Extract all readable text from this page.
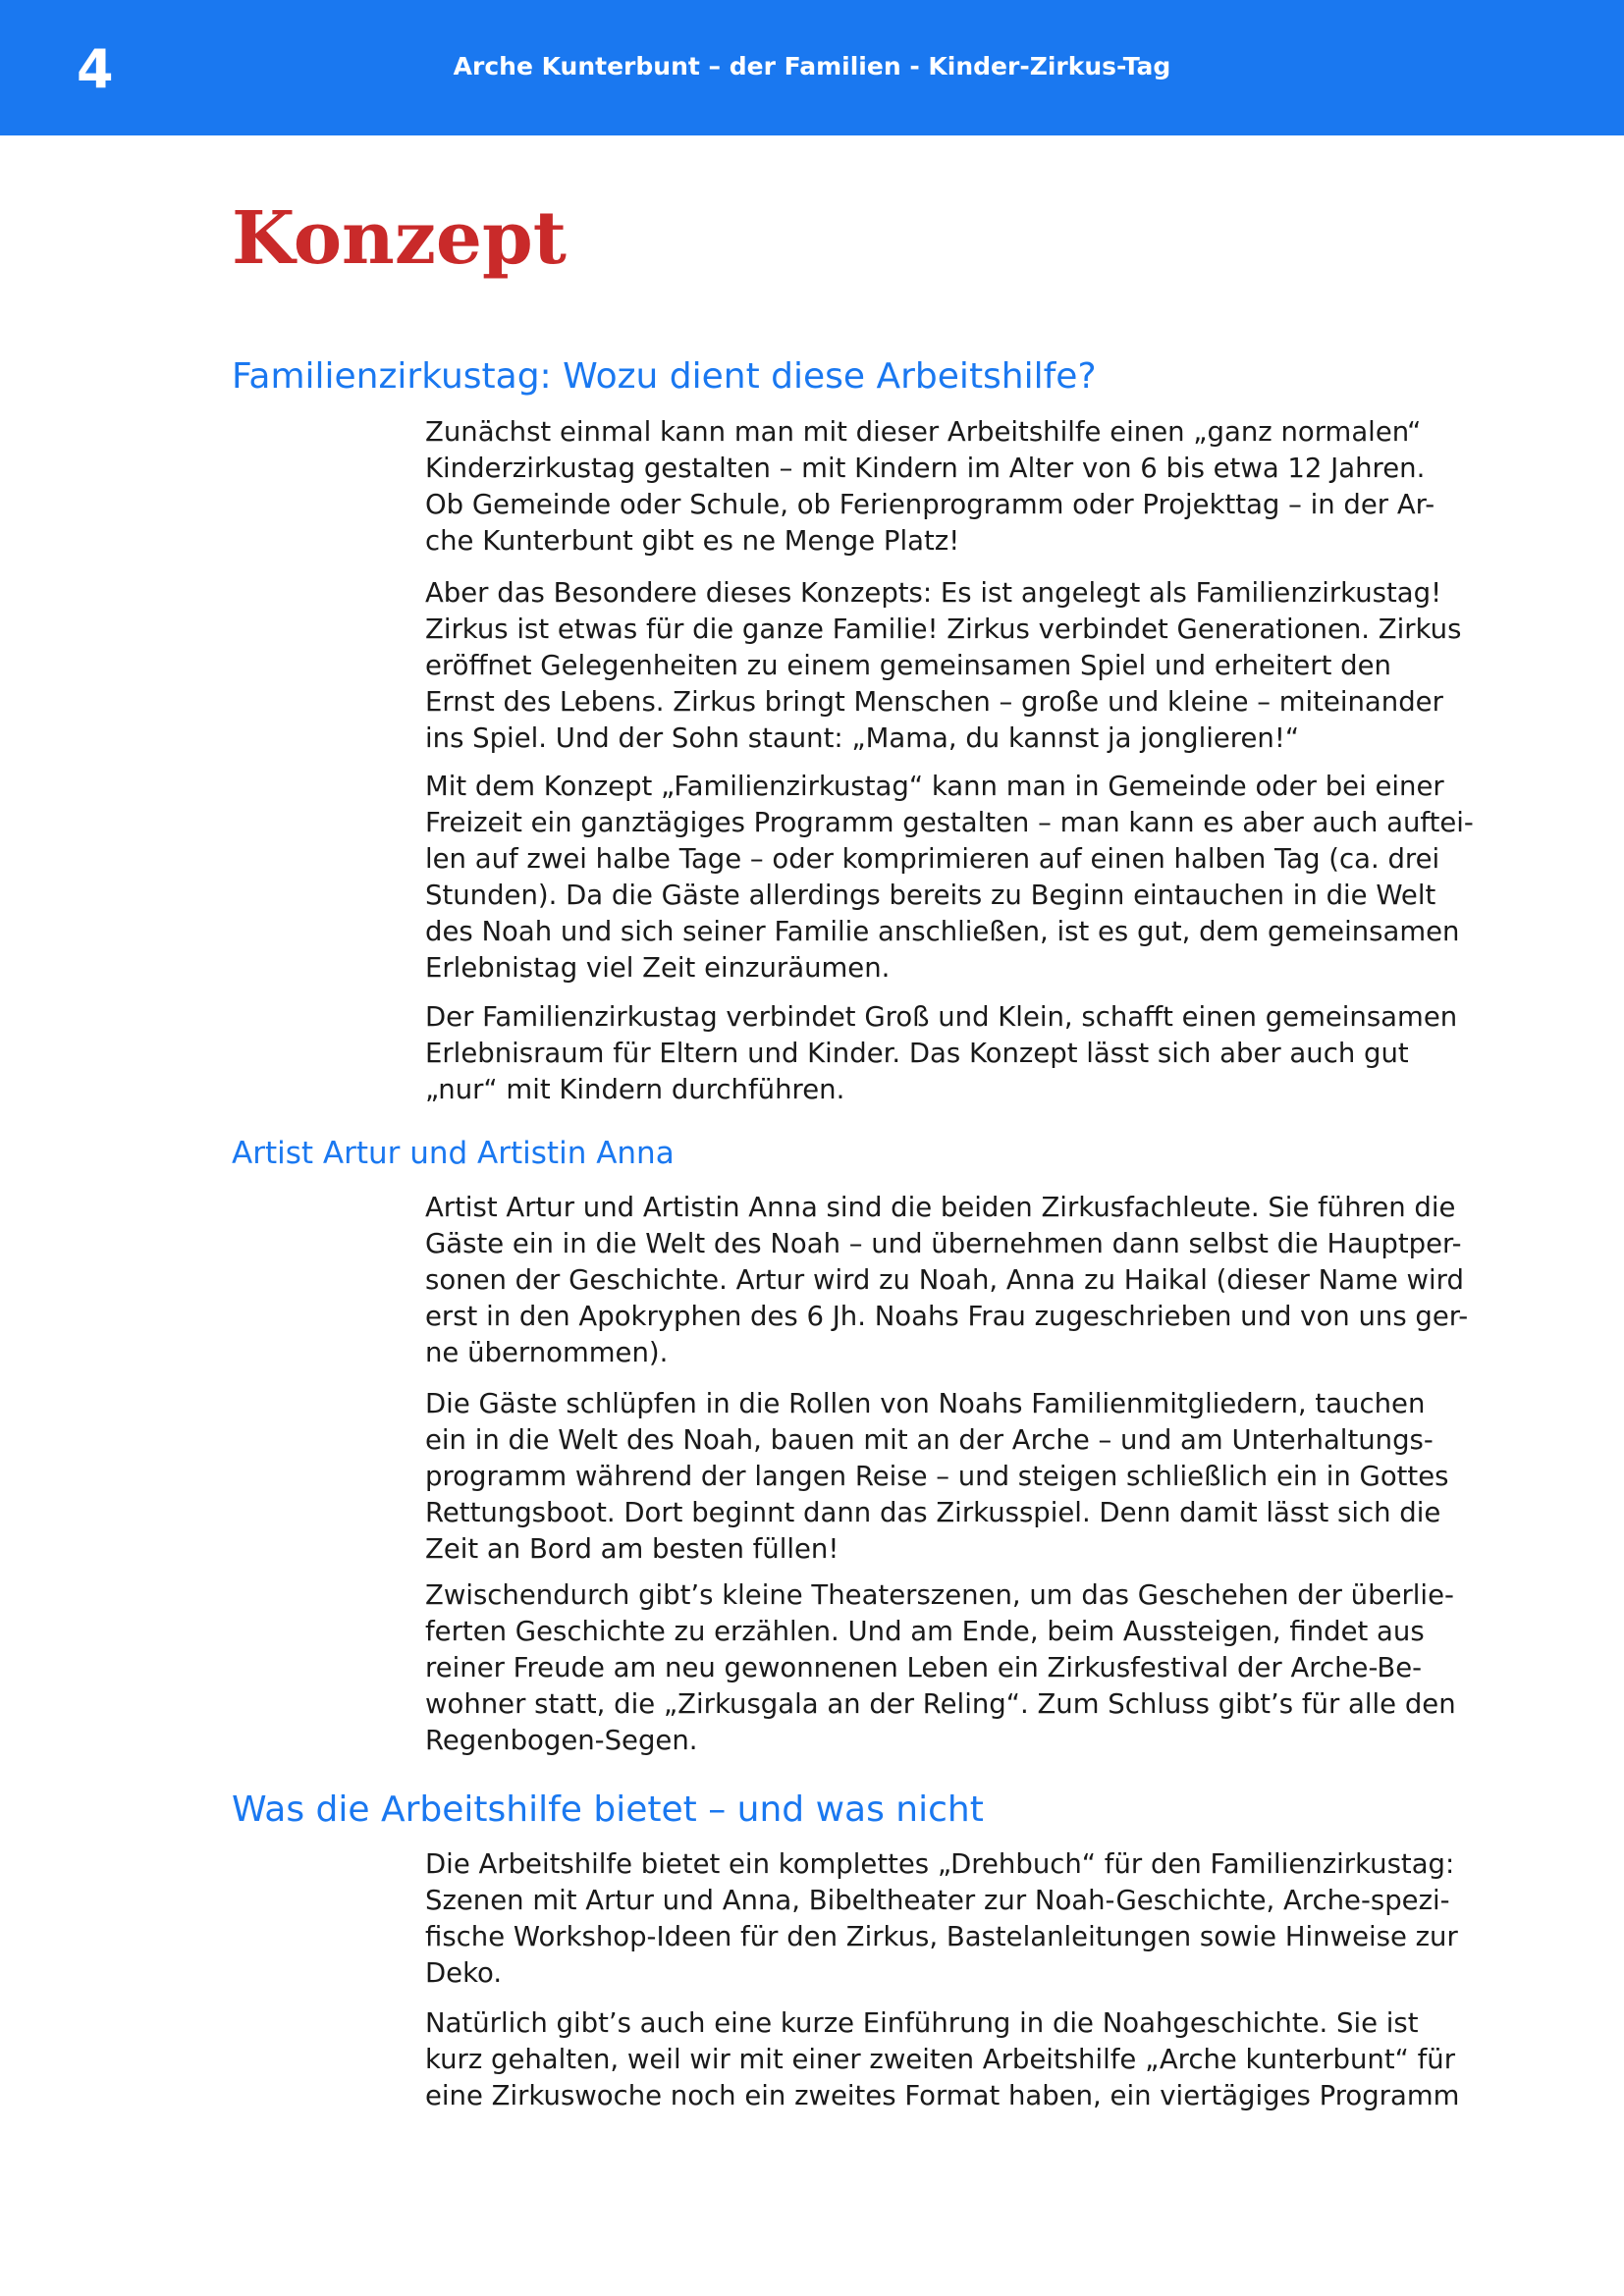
4	Arche Kunterbunt – der Familien - Kinder-Zirkus-Tag
Konzept
Familienzirkustag: Wozu dient diese Arbeitshilfe?
Zunächst einmal kann man mit dieser Arbeitshilfe einen „ganz normalen“
Kinderzirkustag gestalten – mit Kindern im Alter von 6 bis etwa 12 Jahren.
Ob Gemeinde oder Schule, ob Ferienprogramm oder Projekttag – in der Ar-
che Kunterbunt gibt es ne Menge Platz!
Aber das Besondere dieses Konzepts: Es ist angelegt als Familienzirkustag!
Zirkus ist etwas für die ganze Familie! Zirkus verbindet Generationen. Zirkus
eröffnet Gelegenheiten zu einem gemeinsamen Spiel und erheitert den
Ernst des Lebens. Zirkus bringt Menschen – große und kleine – miteinander
ins Spiel. Und der Sohn staunt: „Mama, du kannst ja jonglieren!“
Mit dem Konzept „Familienzirkustag“ kann man in Gemeinde oder bei einer
Freizeit ein ganztägiges Programm gestalten – man kann es aber auch auftei-
len auf zwei halbe Tage – oder komprimieren auf einen halben Tag (ca. drei
Stunden). Da die Gäste allerdings bereits zu Beginn eintauchen in die Welt
des Noah und sich seiner Familie anschließen, ist es gut, dem gemeinsamen
Erlebnistag viel Zeit einzuräumen.
Der Familienzirkustag verbindet Groß und Klein, schafft einen gemeinsamen
Erlebnisraum für Eltern und Kinder. Das Konzept lässt sich aber auch gut
„nur“ mit Kindern durchführen.
Artist Artur und Artistin Anna
Artist Artur und Artistin Anna sind die beiden Zirkusfachleute. Sie führen die
Gäste ein in die Welt des Noah – und übernehmen dann selbst die Hauptper-
sonen der Geschichte. Artur wird zu Noah, Anna zu Haikal (dieser Name wird
erst in den Apokryphen des 6 Jh. Noahs Frau zugeschrieben und von uns ger-
ne übernommen).
Die Gäste schlüpfen in die Rollen von Noahs Familienmitgliedern, tauchen
ein in die Welt des Noah, bauen mit an der Arche – und am Unterhaltungs-
programm während der langen Reise – und steigen schließlich ein in Gottes
Rettungsboot. Dort beginnt dann das Zirkusspiel. Denn damit lässt sich die
Zeit an Bord am besten füllen!
Zwischendurch gibt’s kleine Theaterszenen, um das Geschehen der überlie-
ferten Geschichte zu erzählen. Und am Ende, beim Aussteigen, findet aus
reiner Freude am neu gewonnenen Leben ein Zirkusfestival der Arche-Be-
wohner statt, die „Zirkusgala an der Reling“. Zum Schluss gibt’s für alle den
Regenbogen-Segen.
Was die Arbeitshilfe bietet – und was nicht
Die Arbeitshilfe bietet ein komplettes „Drehbuch“ für den Familienzirkustag:
Szenen mit Artur und Anna, Bibeltheater zur Noah-Geschichte, Arche-spezi-
fische Workshop-Ideen für den Zirkus, Bastelanleitungen sowie Hinweise zur
Deko.
Natürlich gibt’s auch eine kurze Einführung in die Noahgeschichte. Sie ist
kurz gehalten, weil wir mit einer zweiten Arbeitshilfe „Arche kunterbunt“ für
eine Zirkuswoche noch ein zweites Format haben, ein viertägiges Programm
